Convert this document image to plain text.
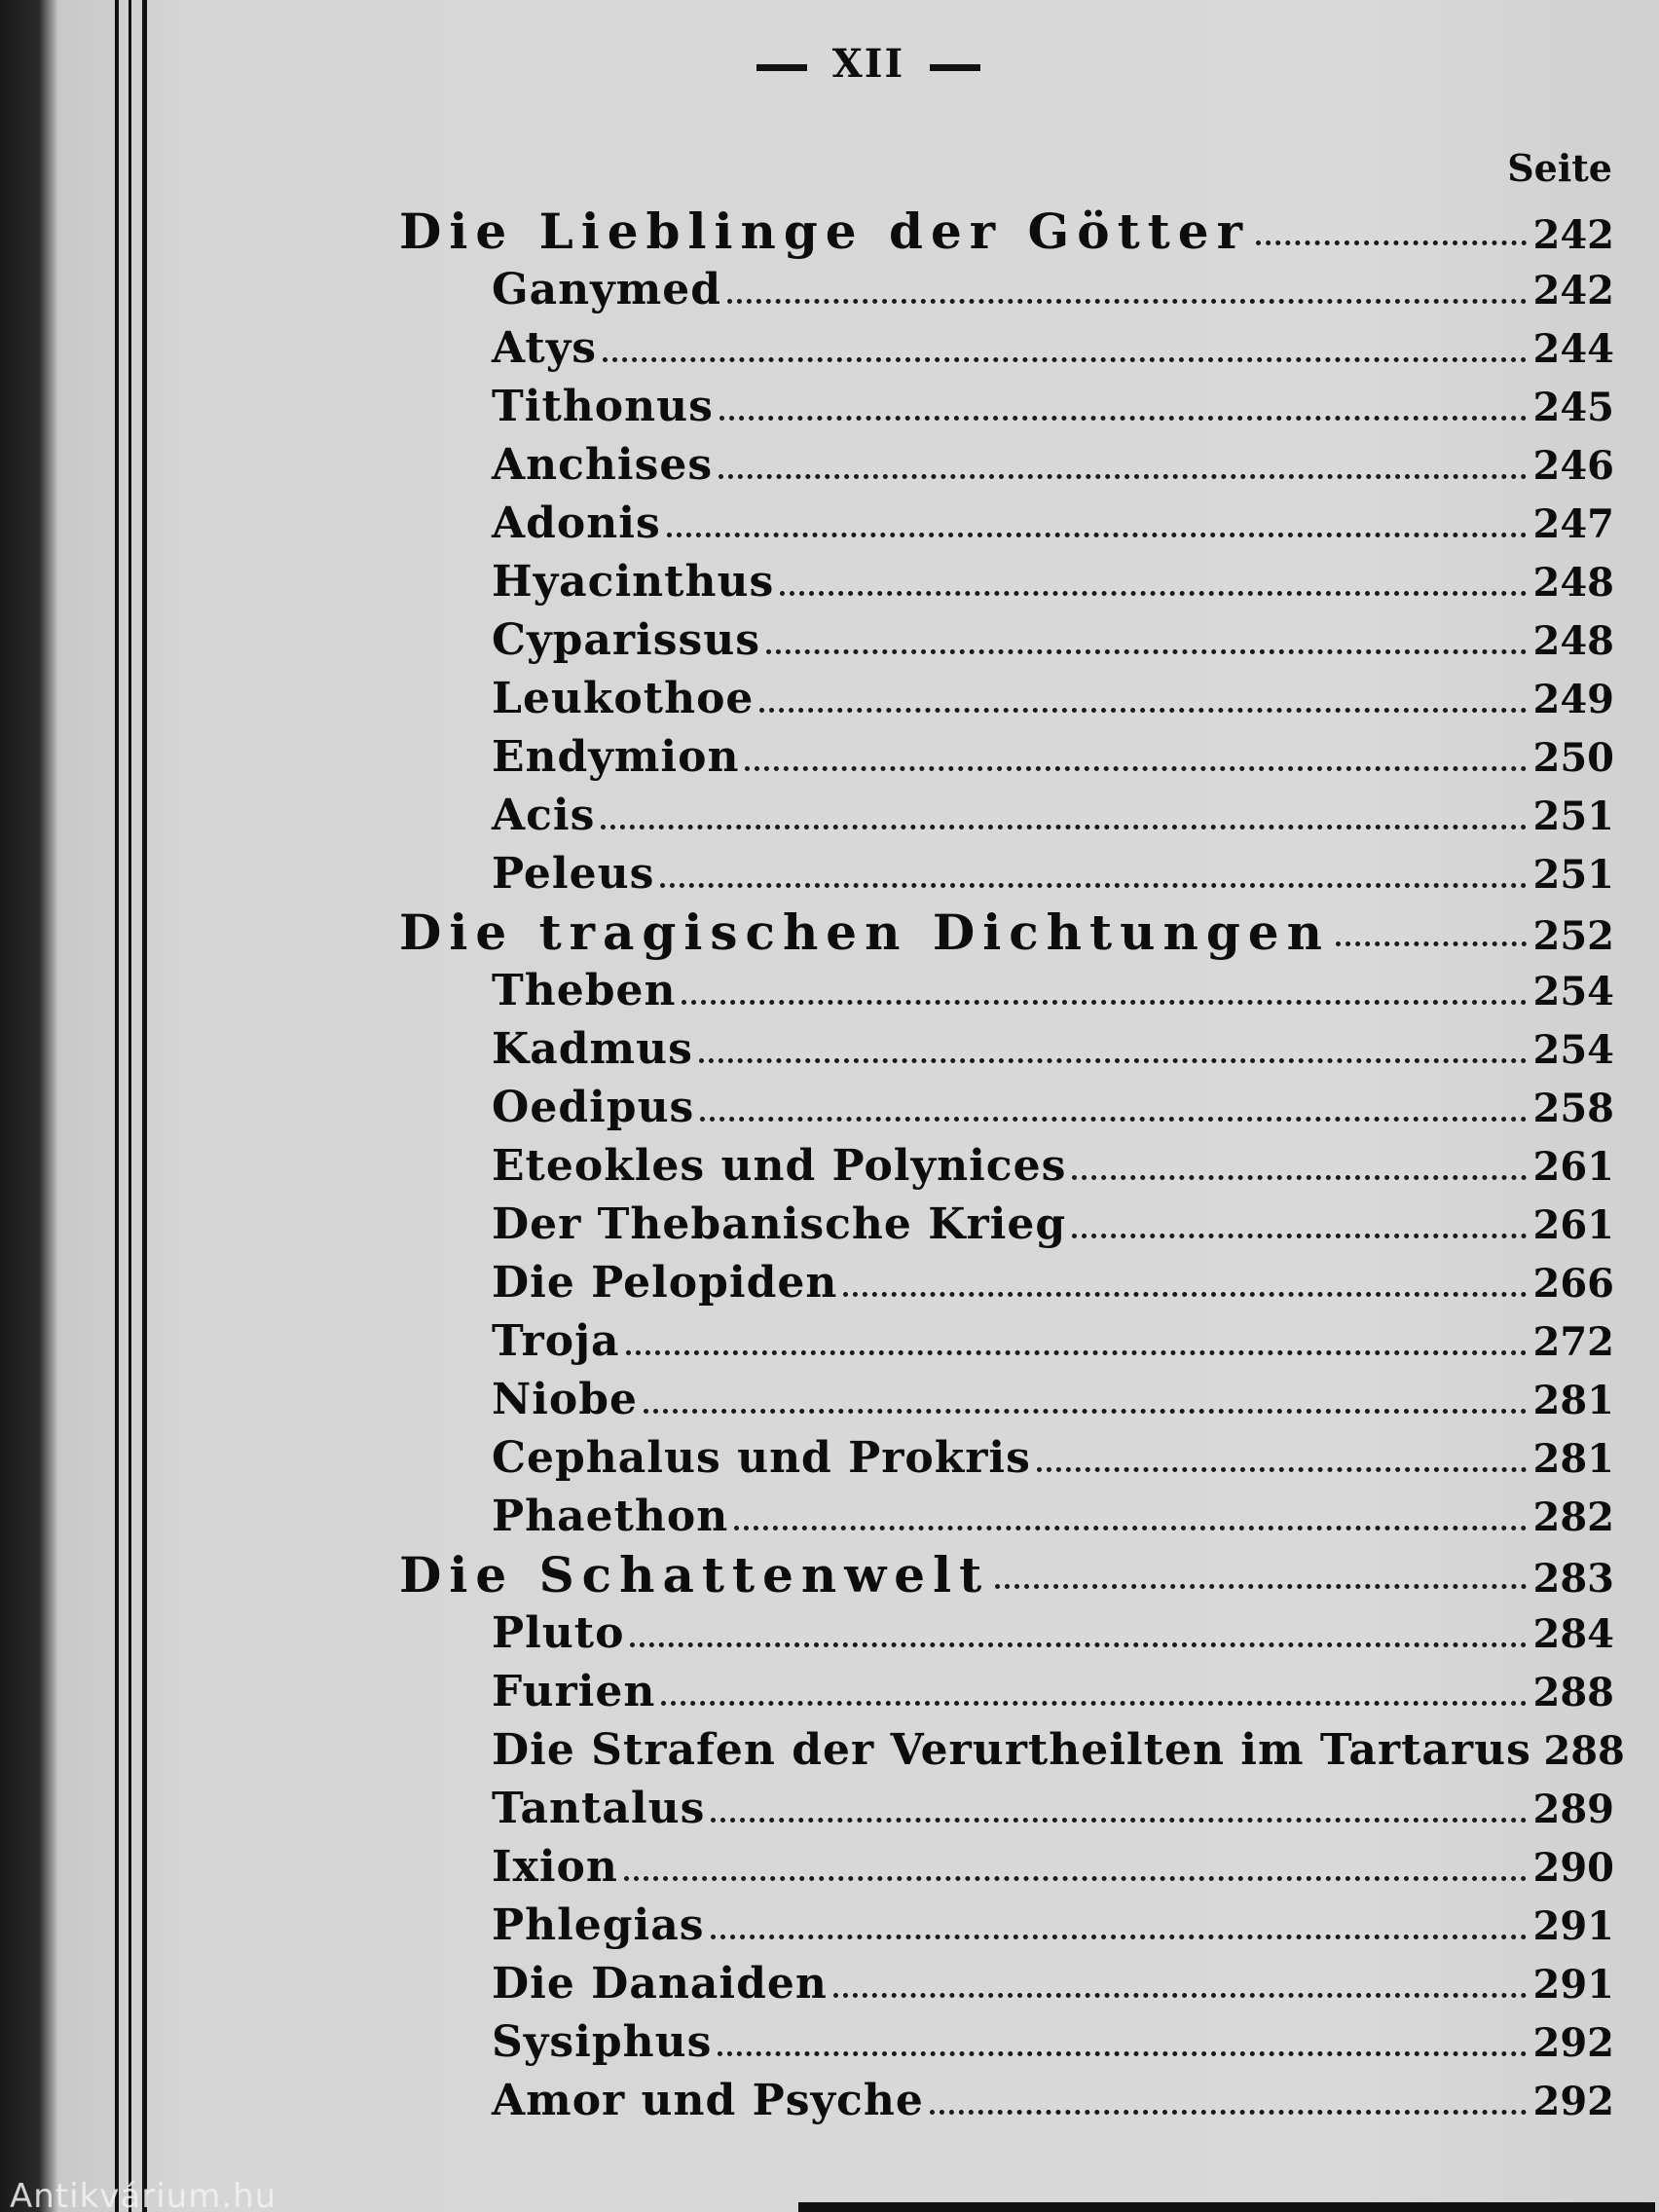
XII
Seite
Die Lieblinge der Götter	242
Ganymed	242
Atys	244
Tithonus	245
Anchises	246
Adonis	247
Hyacinthus	248
Cyparissus	248
Leukothoe	249
Endymion	250
Acis	251
Peleus	251
Die tragischen Dichtungen	252
Theben	254
Kadmus	254
Oedipus	258
Eteokles und Polynices	261
Der Thebanische Krieg	261
Die Pelopiden	266
Troja	272
Niobe	281
Cephalus und Prokris	281
Phaethon	282
Die Schattenwelt	283
Pluto	284
Furien	288
Die Strafen der Verurtheilten im Tartarus 288
Tantalus	289
Ixion	290
Phlegias	291
Die Danaiden	291
Sysiphus	292
Amor und Psyche	292
Antikvárium.hu
